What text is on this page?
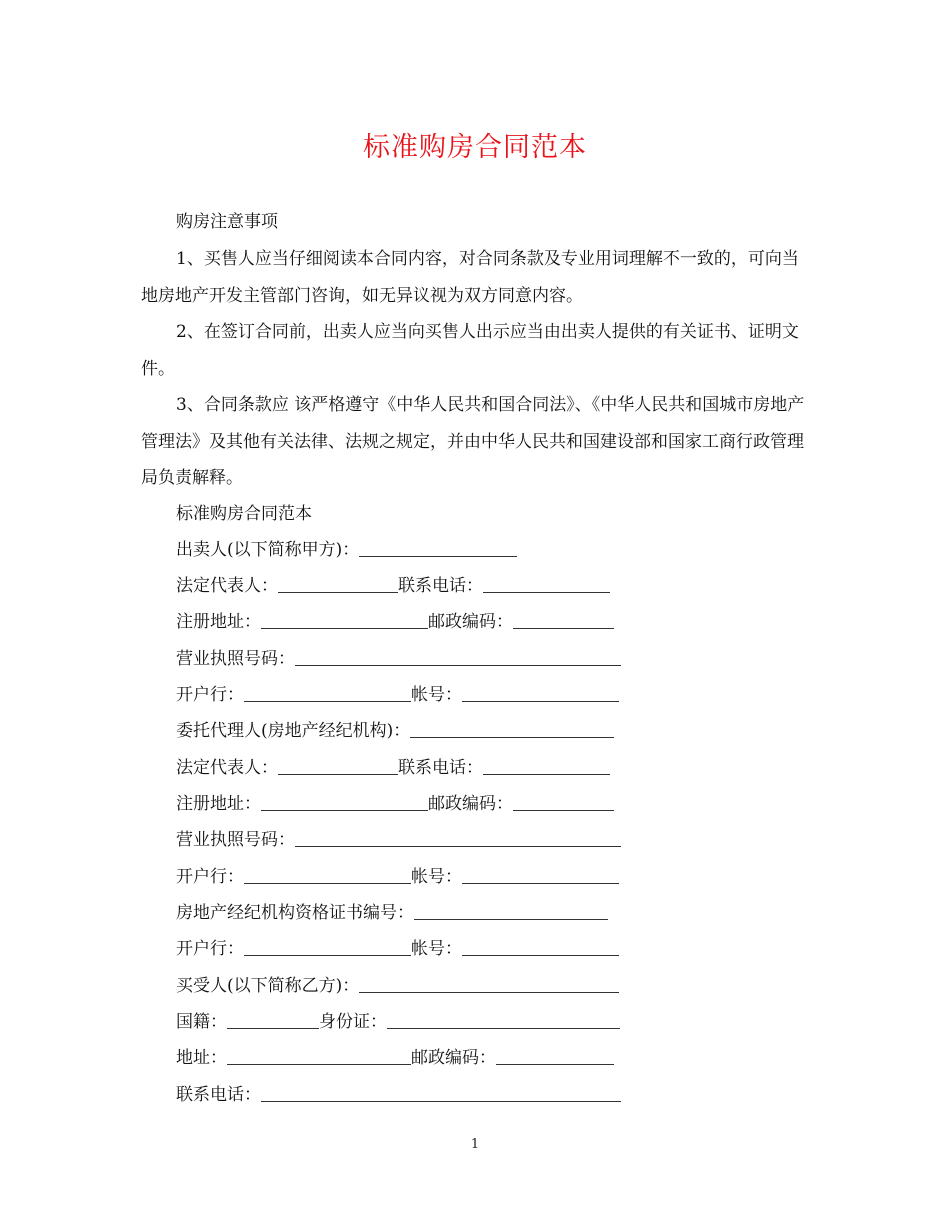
标准购房合同范本

购房注意事项

1、买售人应当仔细阅读本合同内容，对合同条款及专业用词理解不一致的，可向当地房地产开发主管部门咨询，如无异议视为双方同意内容。

2、在签订合同前，出卖人应当向买售人出示应当由出卖人提供的有关证书、证明文件。

3、合同条款应 该严格遵守《中华人民共和国合同法》、《中华人民共和国城市房地产管理法》及其他有关法律、法规之规定，并由中华人民共和国建设部和国家工商行政管理局负责解释。

标准购房合同范本

出卖人(以下简称甲方)：
法定代表人：	联系电话：
注册地址：	邮政编码：
营业执照号码：
开户行：	帐号：
委托代理人(房地产经纪机构)：
法定代表人：	联系电话：
注册地址：	邮政编码：
营业执照号码：
开户行：	帐号：
房地产经纪机构资格证书编号：
开户行：	帐号：
买受人(以下简称乙方)：
国籍：	身份证：
地址：	邮政编码：
联系电话：
1
